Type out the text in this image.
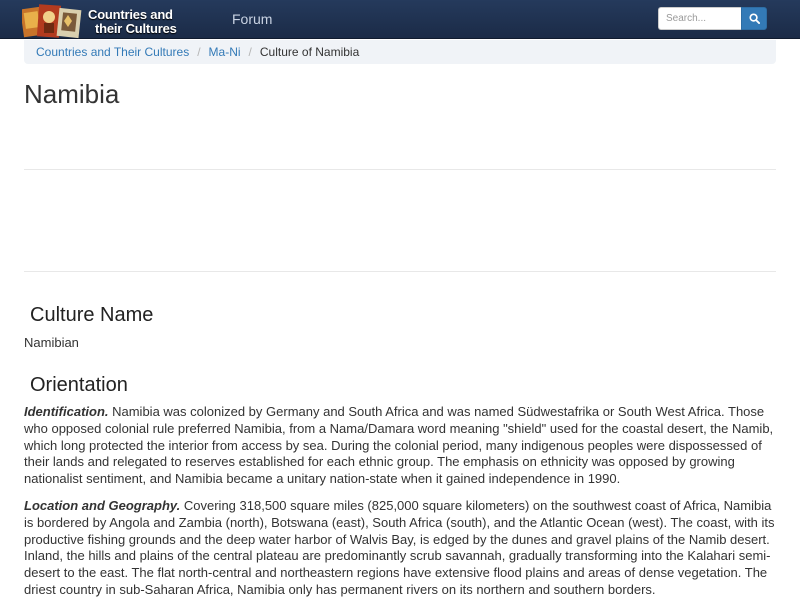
Countries and
their Cultures
Forum
Search...
Countries and Their Cultures / Ma-Ni / Culture of Namibia
Namibia
Culture Name
Namibian
Orientation

Identification. Namibia was colonized by Germany and South Africa and was named Südwestafrika or South West Africa. Those who opposed colonial rule preferred Namibia, from a Nama/Damara word meaning "shield" used for the coastal desert, the Namib, which long protected the interior from access by sea. During the colonial period, many indigenous peoples were dispossessed of their lands and relegated to reserves established for each ethnic group. The emphasis on ethnicity was opposed by growing nationalist sentiment, and Namibia became a unitary nation-state when it gained independence in 1990.

Location and Geography. Covering 318,500 square miles (825,000 square kilometers) on the southwest coast of Africa, Namibia is bordered by Angola and Zambia (north), Botswana (east), South Africa (south), and the Atlantic Ocean (west). The coast, with its productive fishing grounds and the deep water harbor of Walvis Bay, is edged by the dunes and gravel plains of the Namib desert. Inland, the hills and plains of the central plateau are predominantly scrub savannah, gradually transforming into the Kalahari semi-desert to the east. The flat north-central and northeastern regions have extensive flood plains and areas of dense vegetation. The driest country in sub-Saharan Africa, Namibia only has permanent rivers on its northern and southern borders.
